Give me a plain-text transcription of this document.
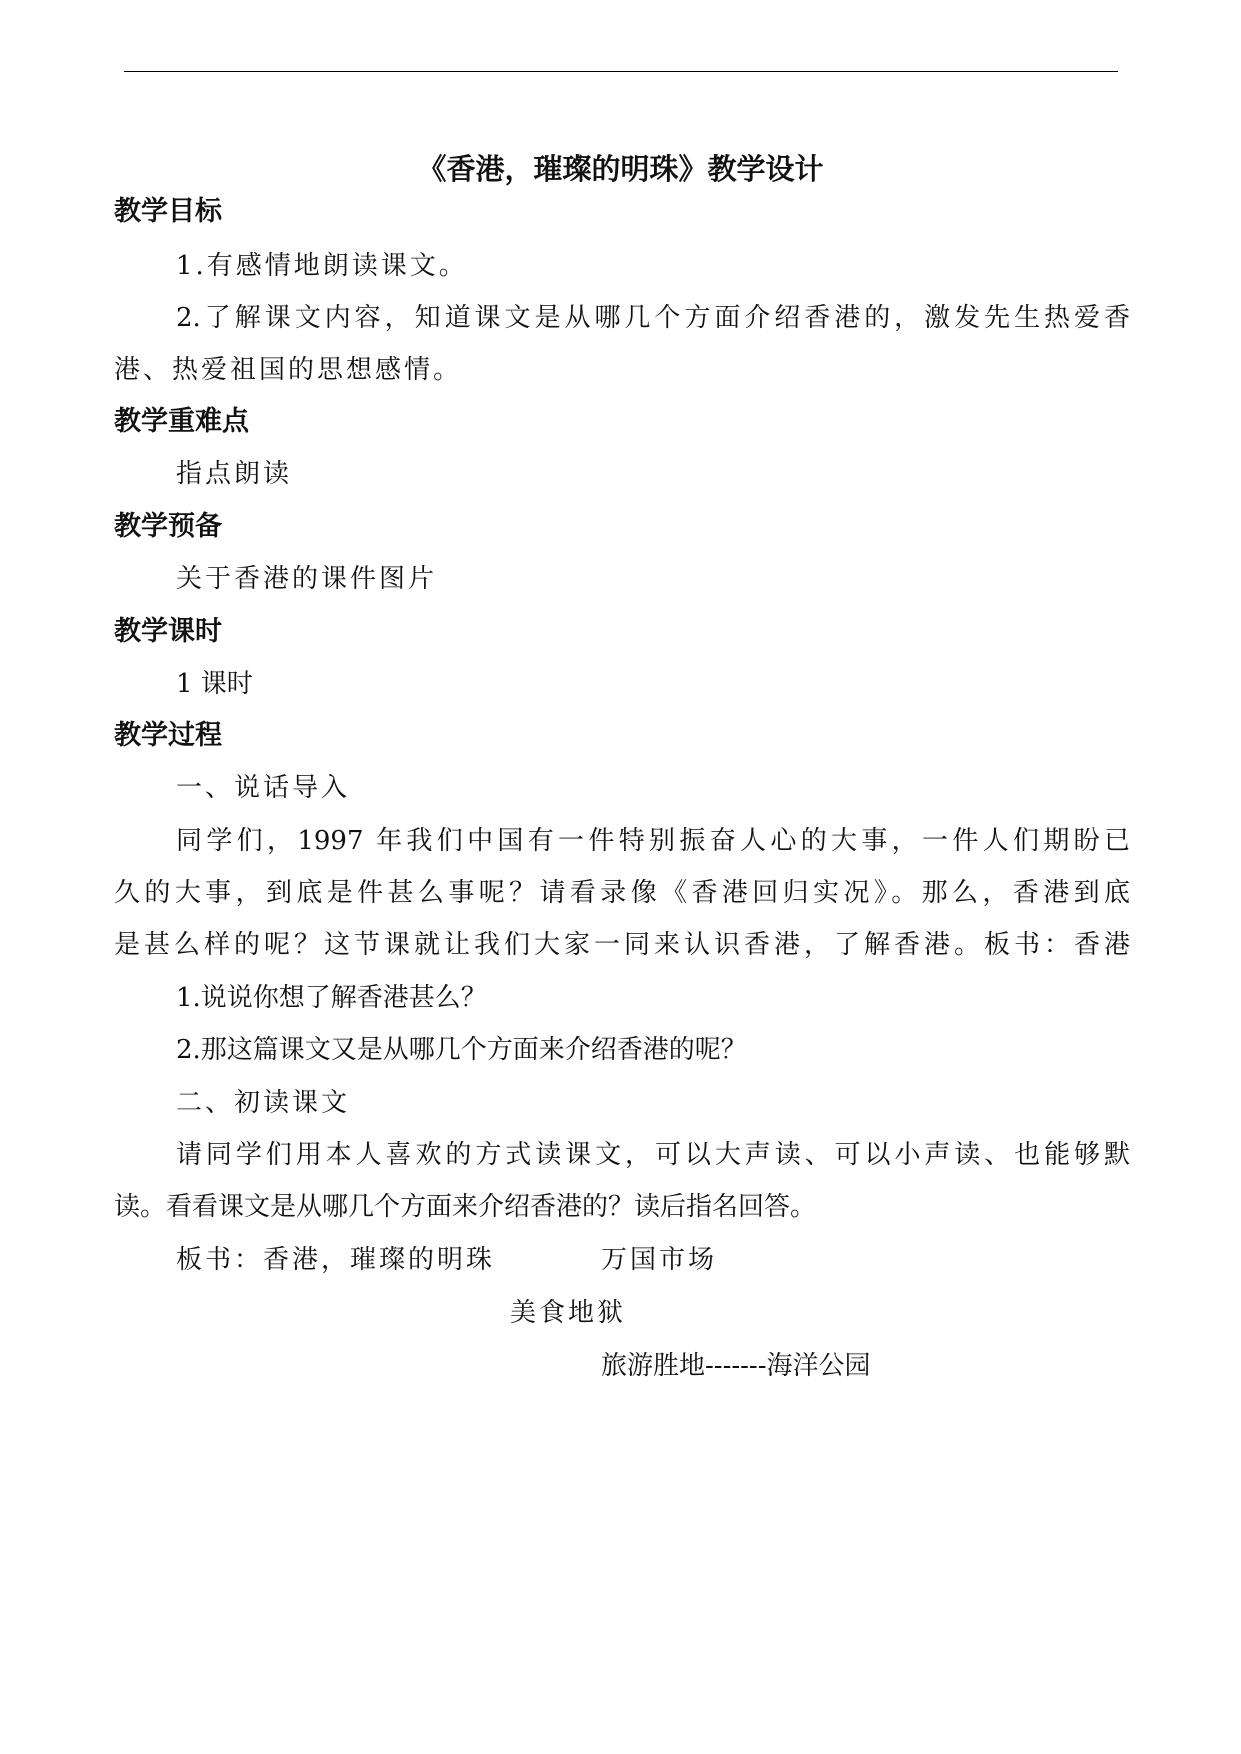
《香港，璀璨的明珠》教学设计
教学目标
1.有感情地朗读课文。
2.了解课文内容，知道课文是从哪几个方面介绍香港的，激发先生热爱香
港、热爱祖国的思想感情。
教学重难点
指点朗读
教学预备
关于香港的课件图片
教学课时
1 课时
教学过程
一、说话导入
同学们，1997 年我们中国有一件特别振奋人心的大事，一件人们期盼已
久的大事，到底是件甚么事呢？请看录像《香港回归实况》。那么，香港到底
是甚么样的呢？这节课就让我们大家一同来认识香港，了解香港。板书：香港
1.说说你想了解香港甚么？
2.那这篇课文又是从哪几个方面来介绍香港的呢？
二、初读课文
请同学们用本人喜欢的方式读课文，可以大声读、可以小声读、也能够默
读。看看课文是从哪几个方面来介绍香港的？读后指名回答。
板书：香港，璀璨的明珠	万国市场
美食地狱
旅游胜地-------海洋公园
